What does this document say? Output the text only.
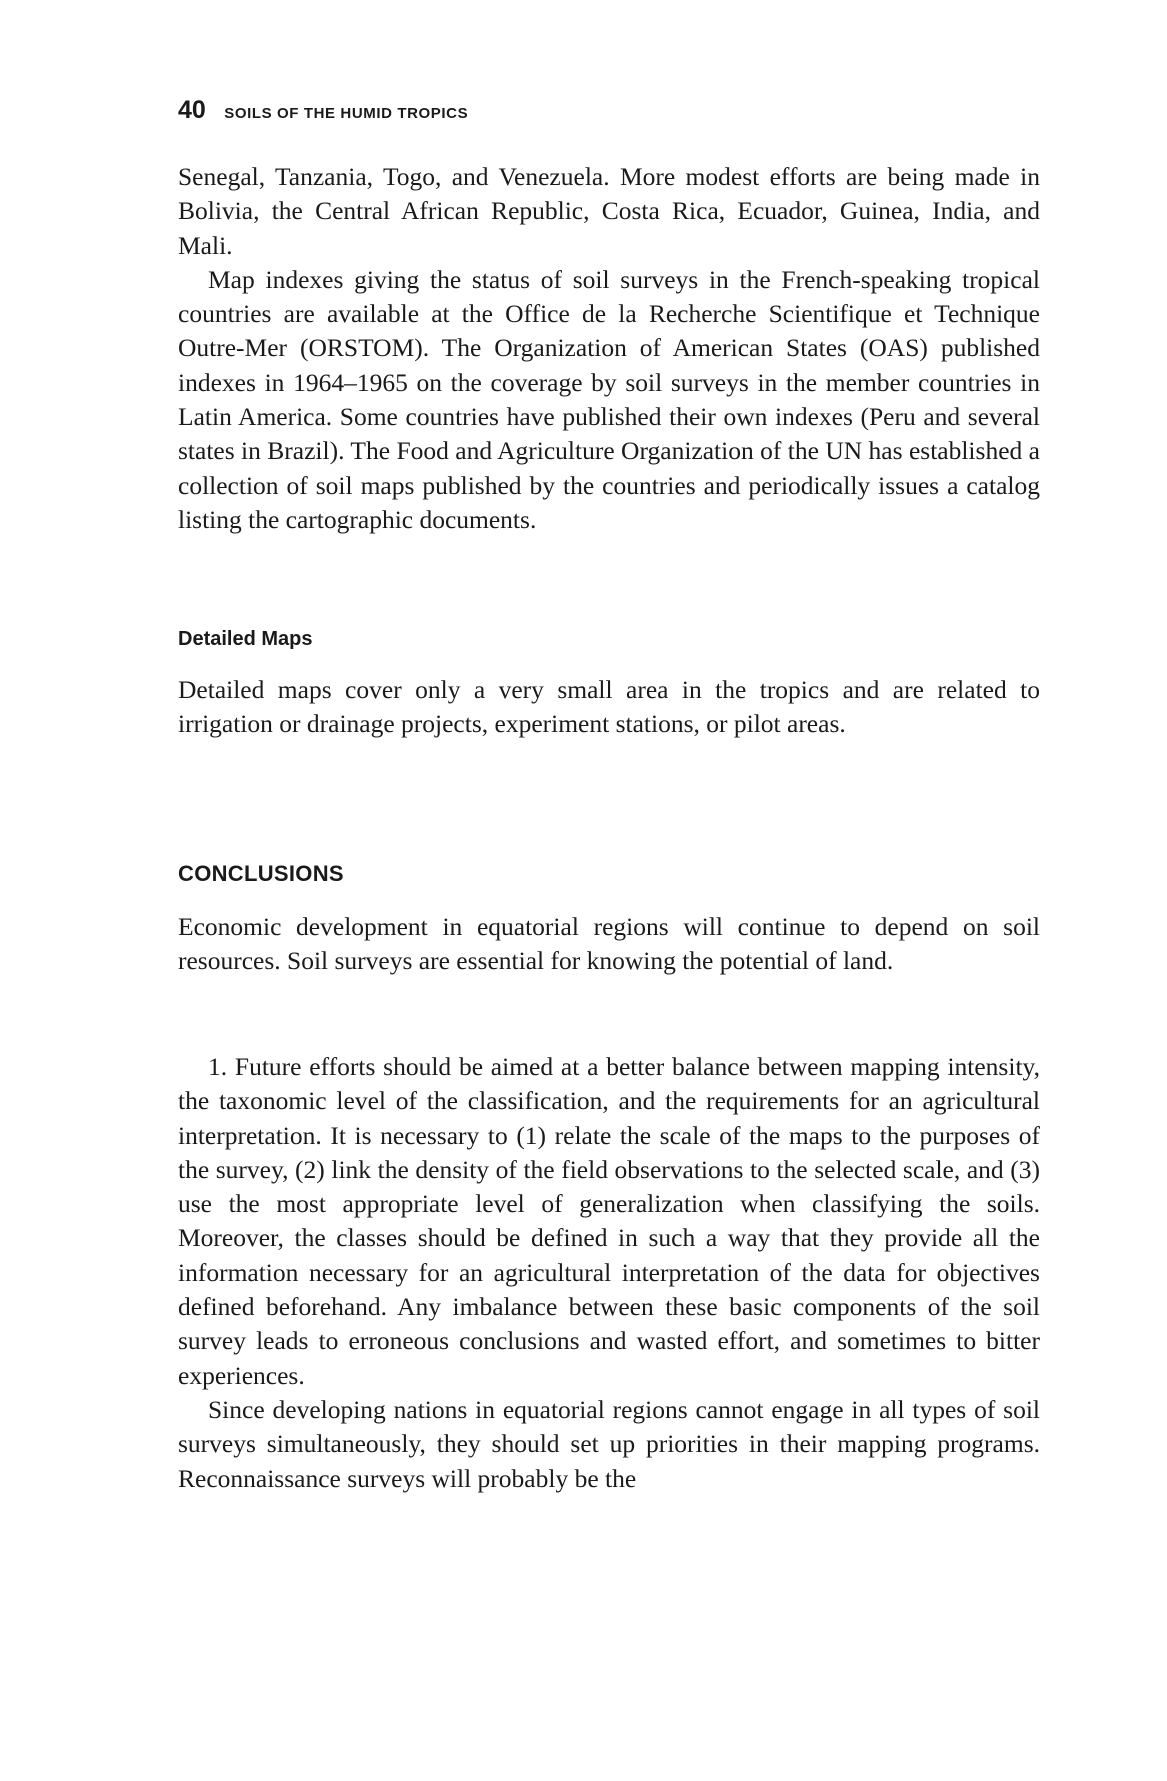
40 SOILS OF THE HUMID TROPICS

Senegal, Tanzania, Togo, and Venezuela. More modest efforts are being made in Bolivia, the Central African Republic, Costa Rica, Ecuador, Guinea, India, and Mali.

Map indexes giving the status of soil surveys in the French-speaking tropical countries are available at the Office de la Recherche Scientifique et Technique Outre-Mer (ORSTOM). The Organization of American States (OAS) published indexes in 1964–1965 on the coverage by soil surveys in the member countries in Latin America. Some countries have published their own indexes (Peru and several states in Brazil). The Food and Agriculture Organization of the UN has established a collection of soil maps published by the countries and periodically issues a catalog listing the cartographic documents.

Detailed Maps

Detailed maps cover only a very small area in the tropics and are related to irrigation or drainage projects, experiment stations, or pilot areas.

CONCLUSIONS

Economic development in equatorial regions will continue to depend on soil resources. Soil surveys are essential for knowing the potential of land.

1. Future efforts should be aimed at a better balance between mapping intensity, the taxonomic level of the classification, and the requirements for an agricultural interpretation. It is necessary to (1) relate the scale of the maps to the purposes of the survey, (2) link the density of the field observations to the selected scale, and (3) use the most appropriate level of generalization when classifying the soils. Moreover, the classes should be defined in such a way that they provide all the information necessary for an agricultural interpretation of the data for objectives defined beforehand. Any imbalance between these basic components of the soil survey leads to erroneous conclusions and wasted effort, and sometimes to bitter experiences.

Since developing nations in equatorial regions cannot engage in all types of soil surveys simultaneously, they should set up priorities in their mapping programs. Reconnaissance surveys will probably be the
